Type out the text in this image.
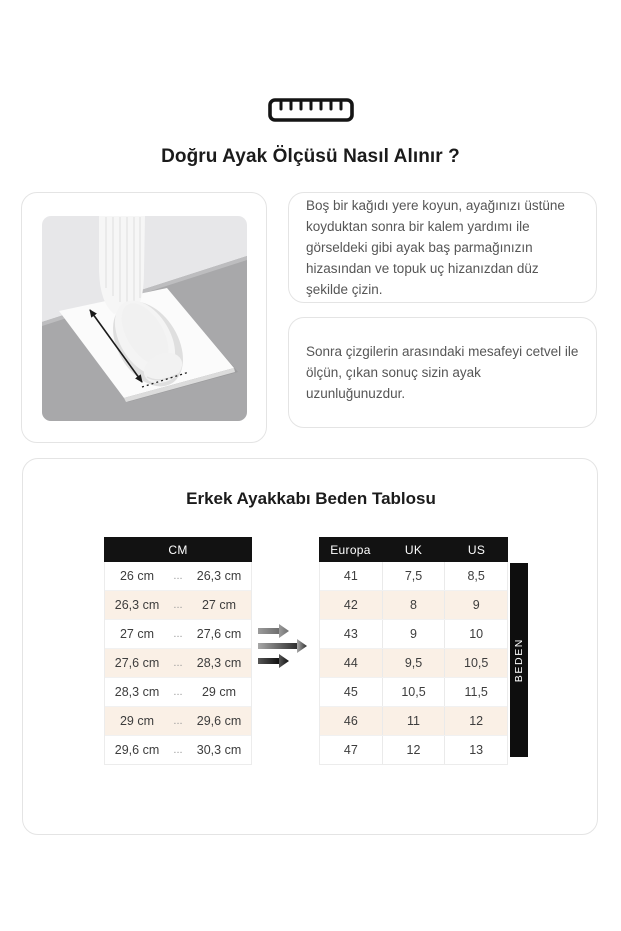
Doğru Ayak Ölçüsü Nasıl Alınır ?
Boş bir kağıdı yere koyun, ayağınızı üstüne koyduktan sonra bir kalem yardımı ile görseldeki gibi ayak baş parmağınızın hizasından ve topuk uç hizanızdan düz şekilde çizin.
Sonra çizgilerin arasındaki mesafeyi cetvel ile ölçün, çıkan sonuç sizin ayak uzunluğunuzdur.
Erkek Ayakkabı Beden Tablosu
CM
26 cm	...	26,3 cm
26,3 cm	...	27 cm
27 cm	...	27,6 cm
27,6 cm	...	28,3 cm
28,3 cm	...	29 cm
29 cm	...	29,6 cm
29,6 cm	...	30,3 cm
Europa	UK	US
41	7,5	8,5
42	8	9
43	9	10
44	9,5	10,5
45	10,5	11,5
46	11	12
47	12	13
BEDEN
